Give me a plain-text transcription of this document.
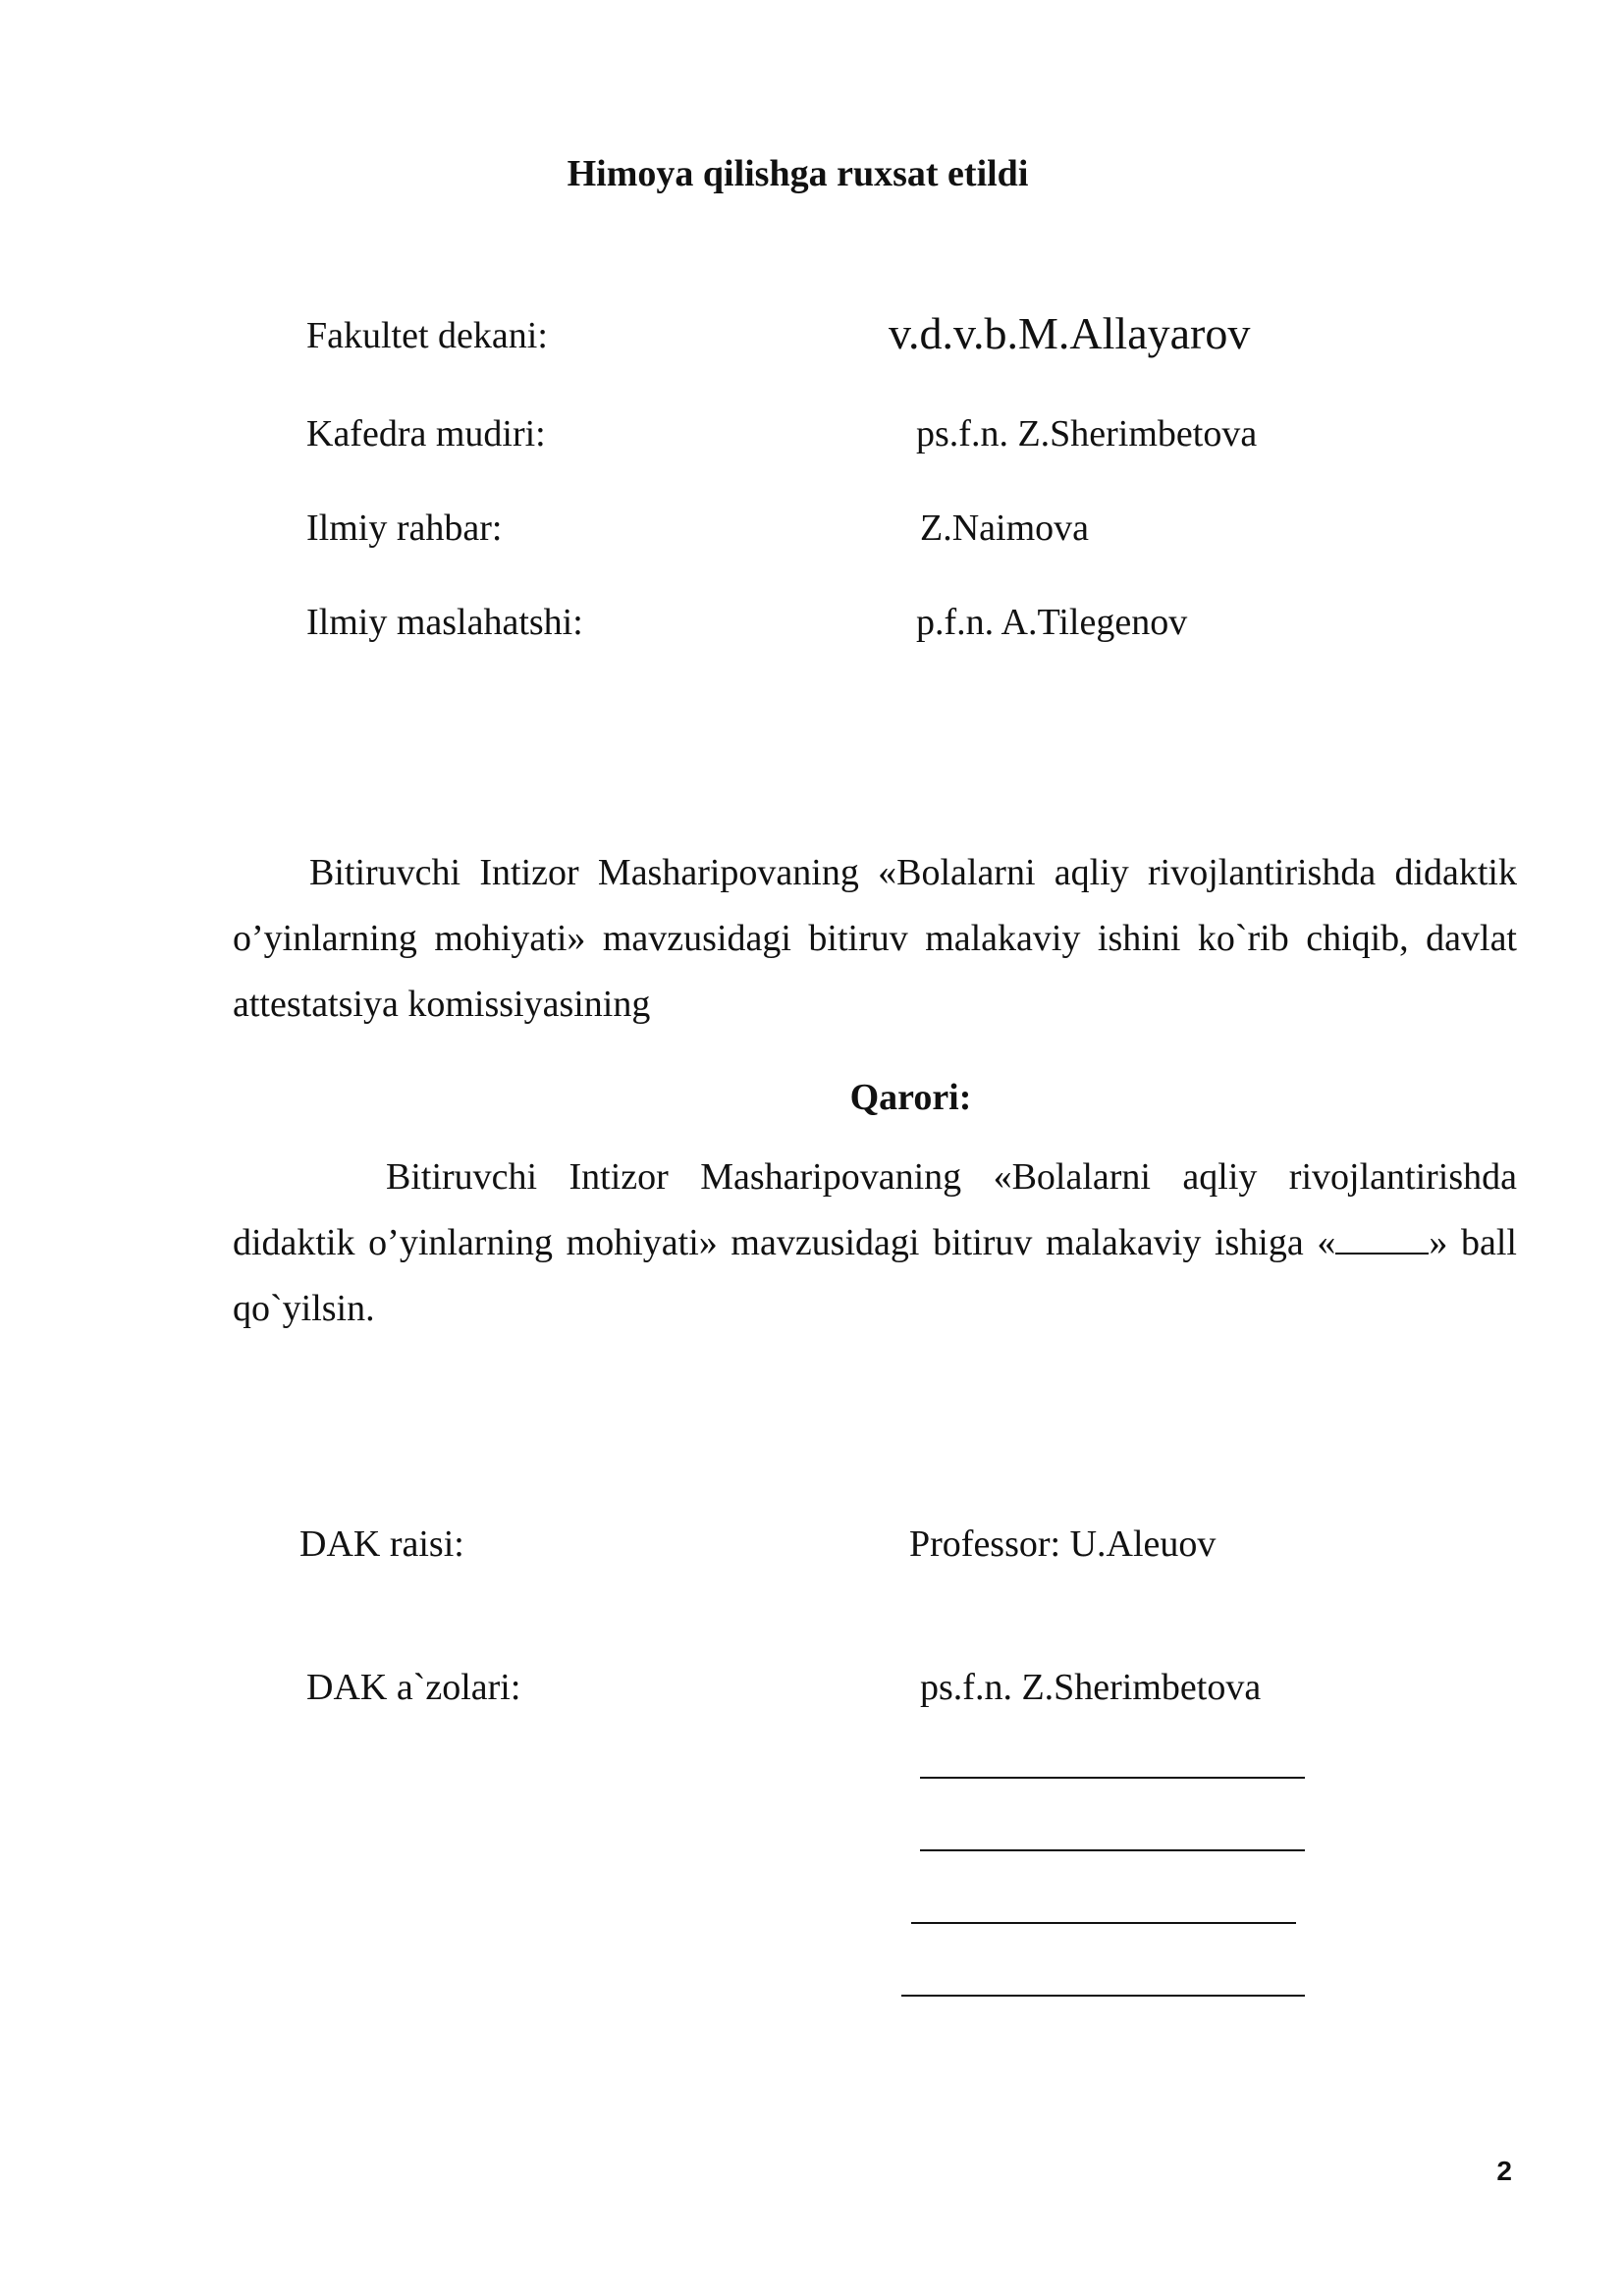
Himoya qilishga ruxsat etildi
Fakultet dekani:	v.d.v.b.M.Allayarov
Kafedra mudiri:	ps.f.n. Z.Sherimbetova
Ilmiy rahbar:	Z.Naimova
Ilmiy maslahatshi:	p.f.n. A.Tilegenov
Bitiruvchi Intizor Masharipovaning «Bolalarni aqliy rivojlantirishda didaktik o’yinlarning mohiyati» mavzusidagi bitiruv malakaviy ishini ko`rib chiqib, davlat attestatsiya komissiyasining
Qarori:
Bitiruvchi Intizor Masharipovaning «Bolalarni aqliy rivojlantirishda didaktik o’yinlarning mohiyati» mavzusidagi bitiruv malakaviy ishiga «	» ball qo`yilsin.
DAK raisi:	Professor: U.Aleuov
DAK a`zolari:	ps.f.n. Z.Sherimbetova
2
